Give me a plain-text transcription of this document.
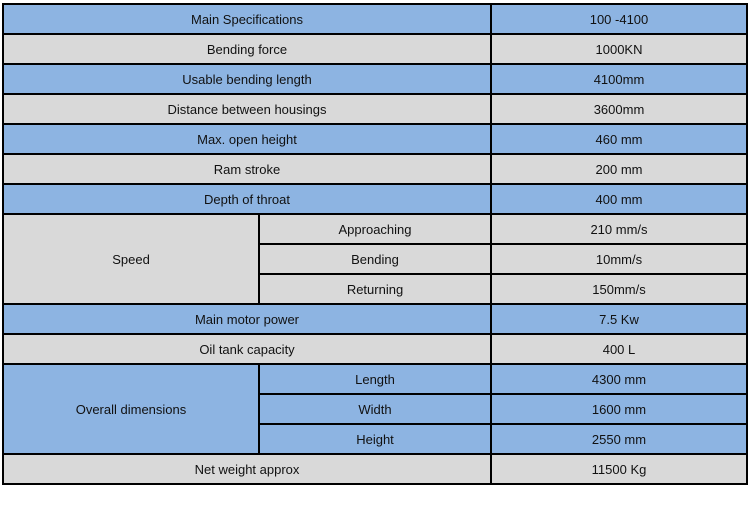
Main Specifications		100 -4100
Bending force		1000KN
Usable bending length		4100mm
Distance between housings		3600mm
Max. open height		460 mm
Ram stroke		200 mm
Depth of throat		400 mm
Speed	Approaching	210 mm/s
	Bending	10mm/s
	Returning	150mm/s
Main motor power		7.5 Kw
Oil tank capacity		400 L
Overall dimensions	Length	4300 mm
	Width	1600 mm
	Height	2550 mm
Net weight approx		11500 Kg
